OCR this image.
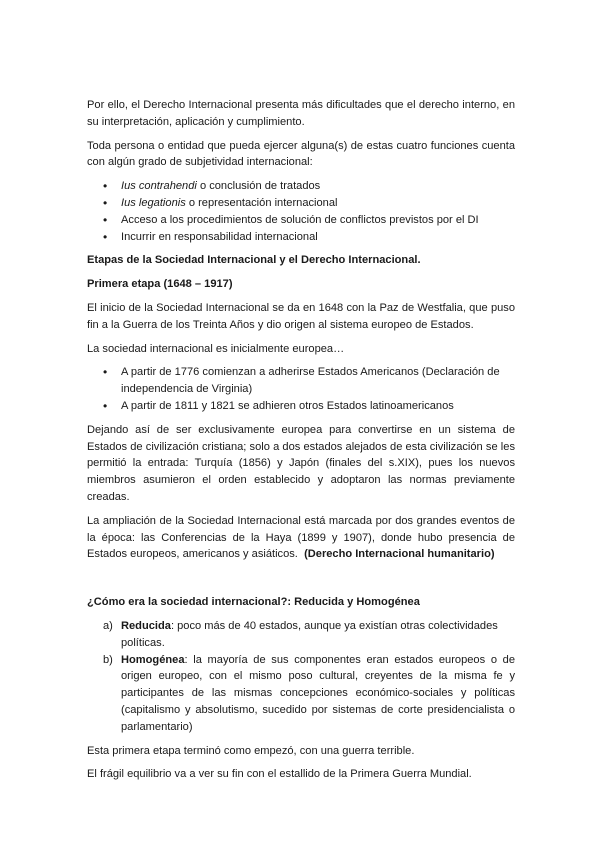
Por ello, el Derecho Internacional presenta más dificultades que el derecho interno, en su interpretación, aplicación y cumplimiento.

Toda persona o entidad que pueda ejercer alguna(s) de estas cuatro funciones cuenta con algún grado de subjetividad internacional:

• Ius contrahendi o conclusión de tratados
• Ius legationis o representación internacional
• Acceso a los procedimientos de solución de conflictos previstos por el DI
• Incurrir en responsabilidad internacional

Etapas de la Sociedad Internacional y el Derecho Internacional.

Primera etapa (1648 – 1917)

El inicio de la Sociedad Internacional se da en 1648 con la Paz de Westfalia, que puso fin a la Guerra de los Treinta Años y dio origen al sistema europeo de Estados.

La sociedad internacional es inicialmente europea…

• A partir de 1776 comienzan a adherirse Estados Americanos (Declaración de independencia de Virginia)
• A partir de 1811 y 1821 se adhieren otros Estados latinoamericanos

Dejando así de ser exclusivamente europea para convertirse en un sistema de Estados de civilización cristiana; solo a dos estados alejados de esta civilización se les permitió la entrada: Turquía (1856) y Japón (finales del s.XIX), pues los nuevos miembros asumieron el orden establecido y adoptaron las normas previamente creadas.

La ampliación de la Sociedad Internacional está marcada por dos grandes eventos de la época: las Conferencias de la Haya (1899 y 1907), donde hubo presencia de Estados europeos, americanos y asiáticos. (Derecho Internacional humanitario)

¿Cómo era la sociedad internacional?: Reducida y Homogénea

a) Reducida: poco más de 40 estados, aunque ya existían otras colectividades políticas.
b) Homogénea: la mayoría de sus componentes eran estados europeos o de origen europeo, con el mismo poso cultural, creyentes de la misma fe y participantes de las mismas concepciones económico-sociales y políticas (capitalismo y absolutismo, sucedido por sistemas de corte presidencialista o parlamentario)

Esta primera etapa terminó como empezó, con una guerra terrible.

El frágil equilibrio va a ver su fin con el estallido de la Primera Guerra Mundial.
